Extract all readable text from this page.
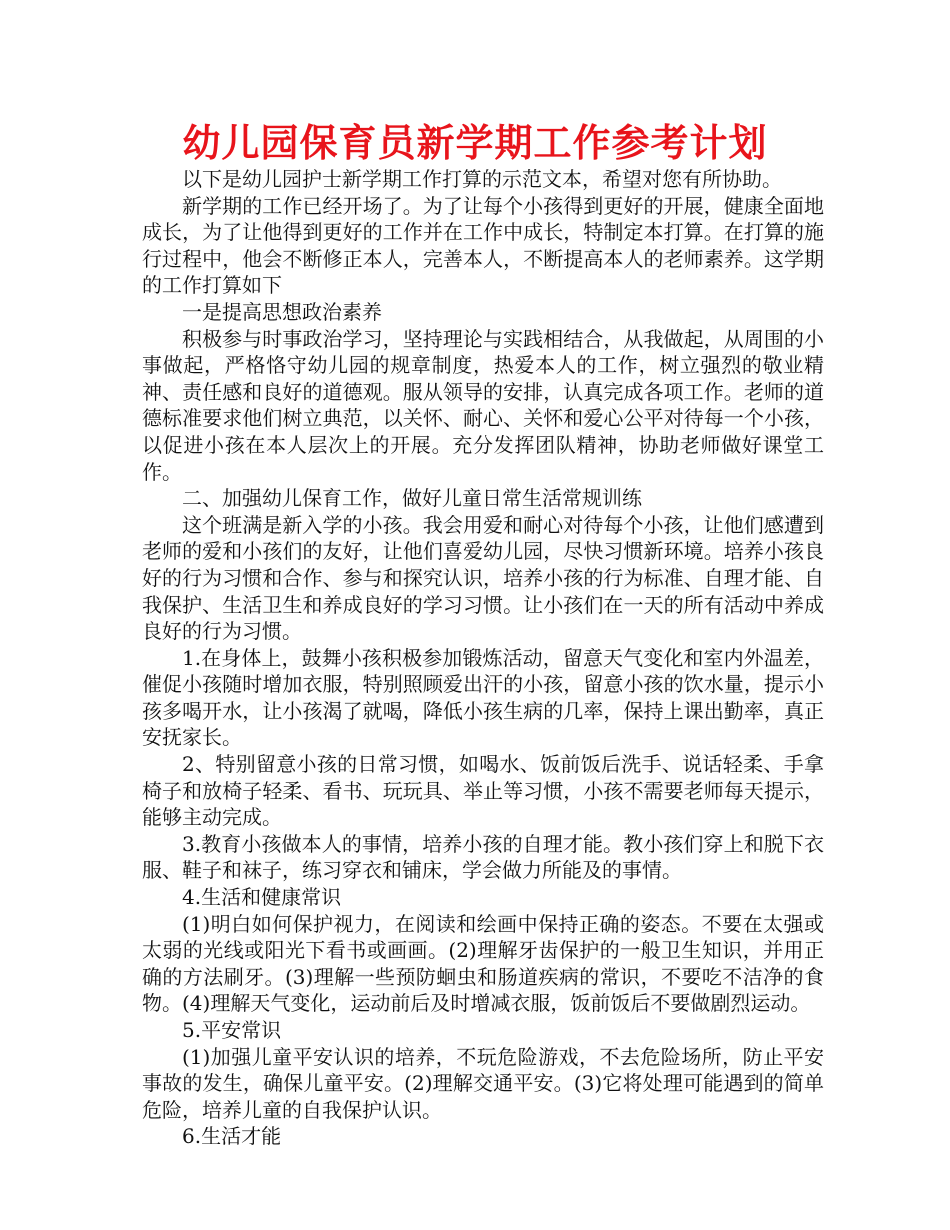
幼儿园保育员新学期工作参考计划

以下是幼儿园护士新学期工作打算的示范文本，希望对您有所协助。

新学期的工作已经开场了。为了让每个小孩得到更好的开展，健康全面地成长，为了让他得到更好的工作并在工作中成长，特制定本打算。在打算的施行过程中，他会不断修正本人，完善本人，不断提高本人的老师素养。这学期的工作打算如下

一是提高思想政治素养

积极参与时事政治学习，坚持理论与实践相结合，从我做起，从周围的小事做起，严格恪守幼儿园的规章制度，热爱本人的工作，树立强烈的敬业精神、责任感和良好的道德观。服从领导的安排，认真完成各项工作。老师的道德标准要求他们树立典范，以关怀、耐心、关怀和爱心公平对待每一个小孩，以促进小孩在本人层次上的开展。充分发挥团队精神，协助老师做好课堂工作。

二、加强幼儿保育工作，做好儿童日常生活常规训练

这个班满是新入学的小孩。我会用爱和耐心对待每个小孩，让他们感遭到老师的爱和小孩们的友好，让他们喜爱幼儿园，尽快习惯新环境。培养小孩良好的行为习惯和合作、参与和探究认识，培养小孩的行为标准、自理才能、自我保护、生活卫生和养成良好的学习习惯。让小孩们在一天的所有活动中养成良好的行为习惯。

1.在身体上，鼓舞小孩积极参加锻炼活动，留意天气变化和室内外温差，催促小孩随时增加衣服，特别照顾爱出汗的小孩，留意小孩的饮水量，提示小孩多喝开水，让小孩渴了就喝，降低小孩生病的几率，保持上课出勤率，真正安抚家长。

2、特别留意小孩的日常习惯，如喝水、饭前饭后洗手、说话轻柔、手拿椅子和放椅子轻柔、看书、玩玩具、举止等习惯，小孩不需要老师每天提示，能够主动完成。

3.教育小孩做本人的事情，培养小孩的自理才能。教小孩们穿上和脱下衣服、鞋子和袜子，练习穿衣和铺床，学会做力所能及的事情。

4.生活和健康常识

(1)明白如何保护视力，在阅读和绘画中保持正确的姿态。不要在太强或太弱的光线或阳光下看书或画画。(2)理解牙齿保护的一般卫生知识，并用正确的方法刷牙。(3)理解一些预防蛔虫和肠道疾病的常识，不要吃不洁净的食物。(4)理解天气变化，运动前后及时增减衣服，饭前饭后不要做剧烈运动。

5.平安常识

(1)加强儿童平安认识的培养，不玩危险游戏，不去危险场所，防止平安事故的发生，确保儿童平安。(2)理解交通平安。(3)它将处理可能遇到的简单危险，培养儿童的自我保护认识。

6.生活才能
